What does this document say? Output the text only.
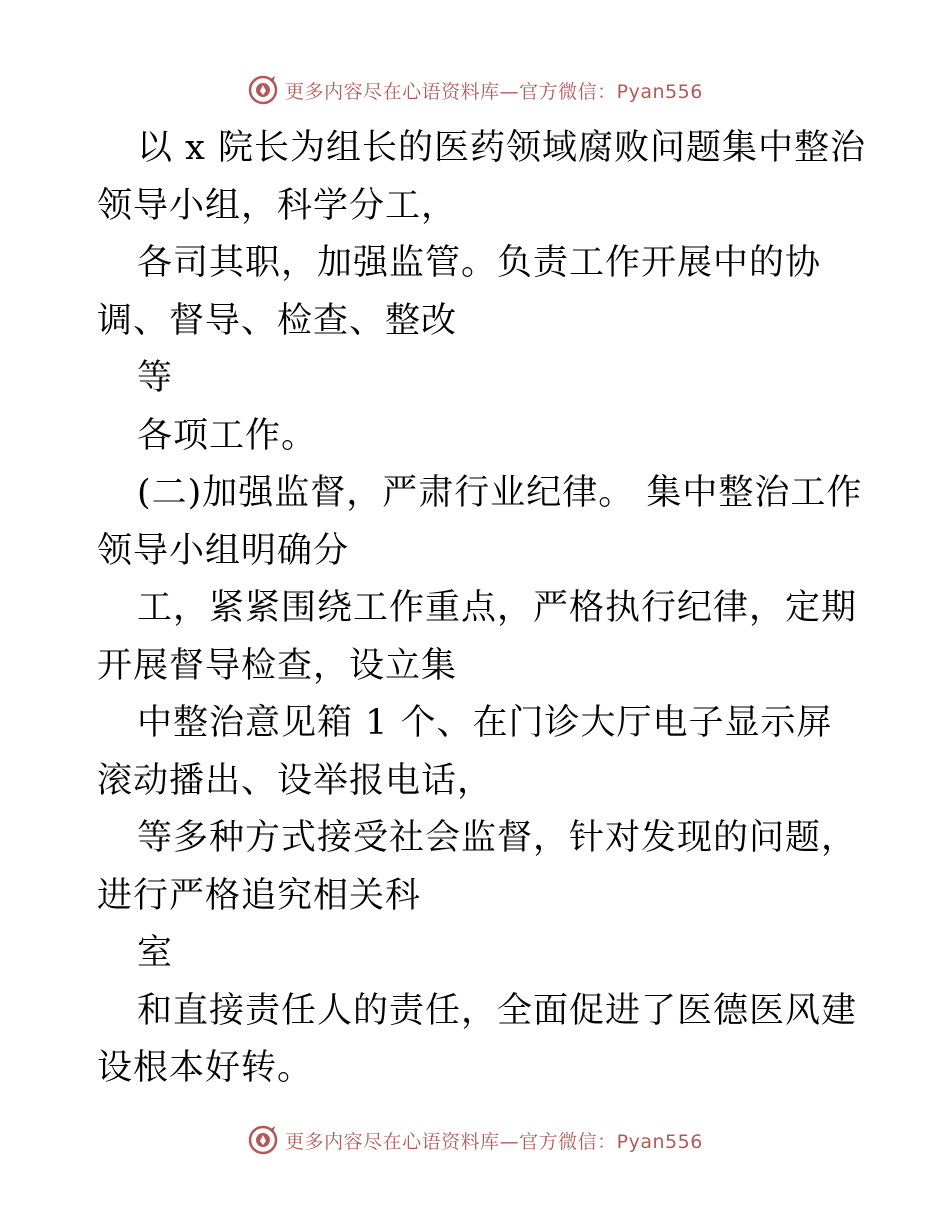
更多内容尽在心语资料库—官方微信：Pyan556

以 x 院长为组长的医药领域腐败问题集中整治领导小组，科学分工，

各司其职，加强监管。负责工作开展中的协调、督导、检查、整改

等

各项工作。

(二)加强监督，严肃行业纪律。 集中整治工作领导小组明确分

工，紧紧围绕工作重点，严格执行纪律，定期开展督导检查，设立集

中整治意见箱 1 个、在门诊大厅电子显示屏滚动播出、设举报电话，

等多种方式接受社会监督，针对发现的问题，进行严格追究相关科

室

和直接责任人的责任，全面促进了医德医风建设根本好转。

更多内容尽在心语资料库—官方微信：Pyan556
